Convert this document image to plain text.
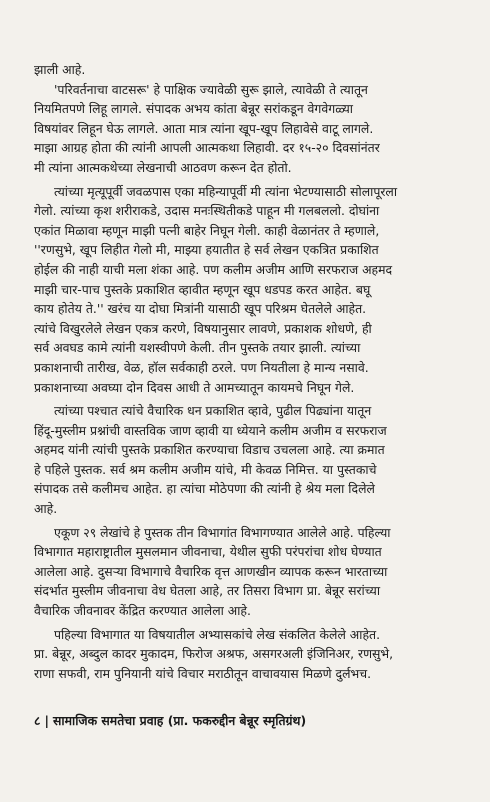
झाली आहे.
'परिवर्तनाचा वाटसरू' हे पाक्षिक ज्यावेळी सुरू झाले, त्यावेळी ते त्यातून
नियमितपणे लिहू लागले. संपादक अभय कांता बेन्नूर सरांकडून वेगवेगळ्या
विषयांवर लिहून घेऊ लागले. आता मात्र त्यांना खूप-खूप लिहावेसे वाटू लागले.
माझा आग्रह होता की त्यांनी आपली आत्मकथा लिहावी. दर १५-२० दिवसांनंतर
मी त्यांना आत्मकथेच्या लेखनाची आठवण करून देत होतो.
त्यांच्या मृत्यूपूर्वी जवळपास एका महिन्यापूर्वी मी त्यांना भेटण्यासाठी सोलापूरला
गेलो. त्यांच्या कृश शरीराकडे, उदास मनःस्थितीकडे पाहून मी गलबललो. दोघांना
एकांत मिळावा म्हणून माझी पत्नी बाहेर निघून गेली. काही वेळानंतर ते म्हणाले,
''रणसुभे, खूप लिहीत गेलो मी, माझ्या हयातीत हे सर्व लेखन एकत्रित प्रकाशित
होईल की नाही याची मला शंका आहे. पण कलीम अजीम आणि सरफराज अहमद
माझी चार-पाच पुस्तके प्रकाशित व्हावीत म्हणून खूप धडपड करत आहेत. बघू
काय होतेय ते.'' खरंच या दोघा मित्रांनी यासाठी खूप परिश्रम घेतलेले आहेत.
त्यांचे विखुरलेले लेखन एकत्र करणे, विषयानुसार लावणे, प्रकाशक शोधणे, ही
सर्व अवघड कामे त्यांनी यशस्वीपणे केली. तीन पुस्तके तयार झाली. त्यांच्या
प्रकाशनाची तारीख, वेळ, हॉल सर्वकाही ठरले. पण नियतीला हे मान्य नसावे.
प्रकाशनाच्या अवघ्या दोन दिवस आधी ते आमच्यातून कायमचे निघून गेले.
त्यांच्या पश्चात त्यांचे वैचारिक धन प्रकाशित व्हावे, पुढील पिढ्यांना यातून
हिंदू-मुस्लीम प्रश्नांची वास्तविक जाण व्हावी या ध्येयाने कलीम अजीम व सरफराज
अहमद यांनी त्यांची पुस्तके प्रकाशित करण्याचा विडाच उचलला आहे. त्या क्रमात
हे पहिले पुस्तक. सर्व श्रम कलीम अजीम यांचे, मी केवळ निमित्त. या पुस्तकाचे
संपादक तसे कलीमच आहेत. हा त्यांचा मोठेपणा की त्यांनी हे श्रेय मला दिलेले
आहे.
एकूण २९ लेखांचे हे पुस्तक तीन विभागांत विभागण्यात आलेले आहे. पहिल्या
विभागात महाराष्ट्रातील मुसलमान जीवनाचा, येथील सुफी परंपरांचा शोध घेण्यात
आलेला आहे. दुसऱ्या विभागाचे वैचारिक वृत्त आणखीन व्यापक करून भारताच्या
संदर्भात मुस्लीम जीवनाचा वेध घेतला आहे, तर तिसरा विभाग प्रा. बेन्नूर सरांच्या
वैचारिक जीवनावर केंद्रित करण्यात आलेला आहे.
पहिल्या विभागात या विषयातील अभ्यासकांचे लेख संकलित केलेले आहेत.
प्रा. बेन्नूर, अब्दुल कादर मुकादम, फिरोज अश्रफ, असगरअली इंजिनिअर, रणसुभे,
राणा सफवी, राम पुनियानी यांचे विचार मराठीतून वाचावयास मिळणे दुर्लभच.
८ | सामाजिक समतेचा प्रवाह (प्रा. फकरुद्दीन बेन्नूर स्मृतिग्रंथ)
